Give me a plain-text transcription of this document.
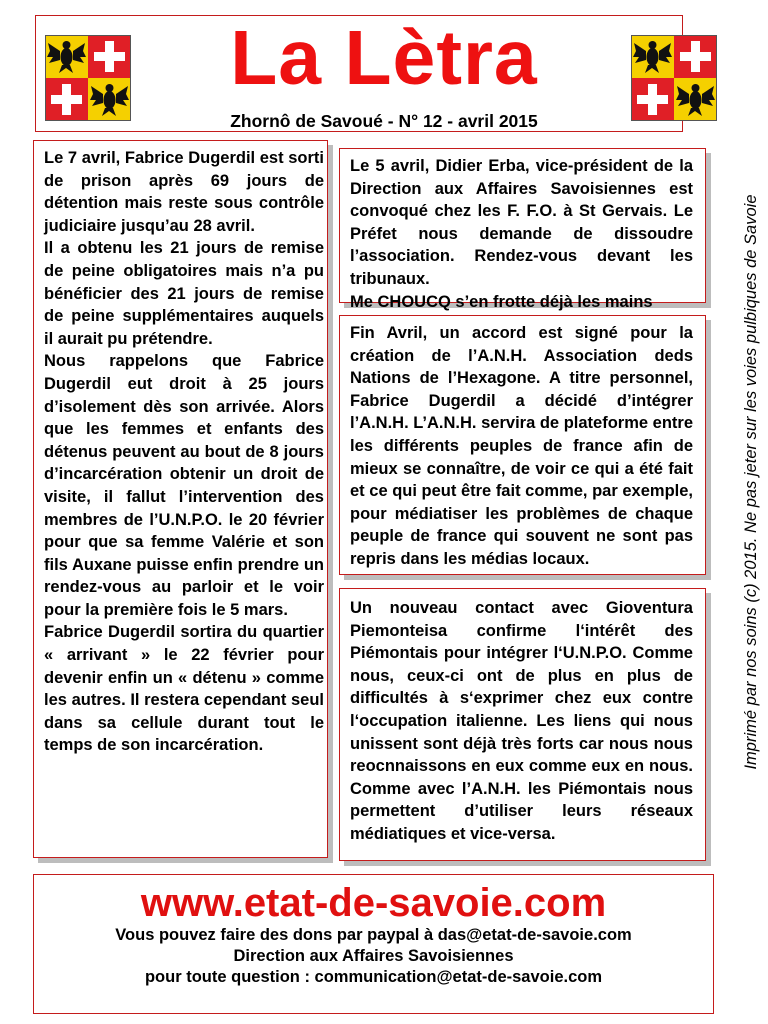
La Lètra
Zhornô de Savoué - N° 12 - avril 2015

Le 7 avril, Fabrice Dugerdil est sorti de prison après 69 jours de détention mais reste sous contrôle judiciaire jusqu’au 28 avril.

Il a obtenu les 21 jours de remise de peine obligatoires mais n’a pu bénéficier des 21 jours de remise de peine supplémentaires auquels il aurait pu prétendre.

Nous rappelons que Fabrice Dugerdil eut droit à 25 jours d’isolement dès son arrivée. Alors que les femmes et enfants des détenus peuvent au bout de 8 jours d’incarcération obtenir un droit de visite, il fallut l’intervention des membres de l’U.N.P.O. le 20 février pour que sa femme Valérie et son fils Auxane puisse enfin prendre un rendez-vous au parloir et le voir pour la première fois le 5 mars.

Fabrice Dugerdil sortira du quartier « arrivant » le 22 février pour devenir enfin un « détenu » comme les autres. Il restera cependant seul dans sa cellule durant tout le temps de son incarcération.

Le 5 avril, Didier Erba, vice-président de la Direction aux Affaires Savoisiennes est convoqué chez les F. F.O. à St Gervais. Le Préfet nous demande de dissoudre l’association. Rendez-vous devant les tribunaux.

Me CHOUCQ s’en frotte déjà les mains

Fin Avril, un accord est signé pour la création de l’A.N.H. Association deds Nations de l’Hexagone. A titre personnel, Fabrice Dugerdil a décidé d’intégrer l’A.N.H. L’A.N.H. servira de plateforme entre les différents peuples de france afin de mieux se connaître, de voir ce qui a été fait et ce qui peut être fait comme, par exemple, pour médiatiser les problèmes de chaque peuple de france qui souvent ne sont pas repris dans les médias locaux.

Un nouveau contact avec Gioventura Piemonteisa confirme l‘intérêt des Piémontais pour intégrer l‘U.N.P.O. Comme nous, ceux-ci ont de plus en plus de difficultés à s‘exprimer chez eux contre l‘occupation italienne. Les liens qui nous unissent sont déjà très forts car nous nous reocnnaissons en eux comme eux en nous. Comme avec l’A.N.H. les Piémontais nous permettent d’utiliser leurs réseaux médiatiques et vice-versa.

Imprimé par nos soins (c) 2015. Ne pas jeter sur les voies pulbiques de Savoie
www.etat-de-savoie.com
Vous pouvez faire des dons par paypal à das@etat-de-savoie.com
Direction aux Affaires Savoisiennes
pour toute question : communication@etat-de-savoie.com
